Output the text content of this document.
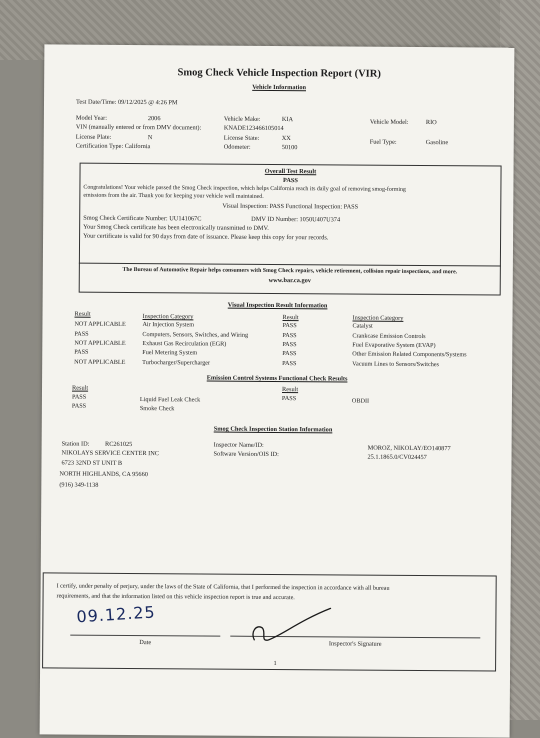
Smog Check Vehicle Inspection Report (VIR)
Vehicle Information
Test Date/Time: 09/12/2025 @ 4:26 PM
Model Year:	2006
VIN (manually entered or from DMV document):	KNADE123466105014
License Plate:	N
Certification Type: California
Vehicle Make:	KIA
License State:	XX
Odometer:	50100
Vehicle Model:	RIO
Fuel Type:	Gasoline
Overall Test Result
PASS
Congratulations! Your vehicle passed the Smog Check inspection, which helps California reach its daily goal of removing smog-forming
emissions from the air. Thank you for keeping your vehicle well maintained.
Visual Inspection: PASS Functional Inspection: PASS
Smog Check Certificate Number: UU141067C	DMV ID Number: 1050U407U374
Your Smog Check certificate has been electronically transmitted to DMV.
Your certificate is valid for 90 days from date of issuance. Please keep this copy for your records.
The Bureau of Automotive Repair helps consumers with Smog Check repairs, vehicle retirement, collision repair inspections, and more.
www.bar.ca.gov
Visual Inspection Result Information
Result	Inspection Category	Result	Inspection Category
NOT APPLICABLE	Air Injection System	PASS	Catalyst
PASS	Computers, Sensors, Switches, and Wiring	PASS	Crankcase Emission Controls
NOT APPLICABLE	Exhaust Gas Recirculation (EGR)	PASS	Fuel Evaporative System (EVAP)
PASS	Fuel Metering System	PASS	Other Emission Related Components/Systems
NOT APPLICABLE	Turbocharger/Supercharger	PASS	Vacuum Lines to Sensors/Switches
Emission Control Systems Functional Check Results
Result	Result
PASS	Liquid Fuel Leak Check	PASS	OBDII
PASS	Smoke Check
Smog Check Inspection Station Information
Station ID: RC261025
NIKOLAYS SERVICE CENTER INC
6723 32ND ST UNIT B
NORTH HIGHLANDS, CA 95660
(916) 349-1138
Inspector Name/ID:
Software Version/OIS ID:
MOROZ, NIKOLAY/EO140877
25.1.1865.0/CV024457
I certify, under penalty of perjury, under the laws of the State of California, that I performed the inspection in accordance with all bureau
requirements, and that the information listed on this vehicle inspection report is true and accurate.
09.12.25
Date	Inspector's Signature
1
